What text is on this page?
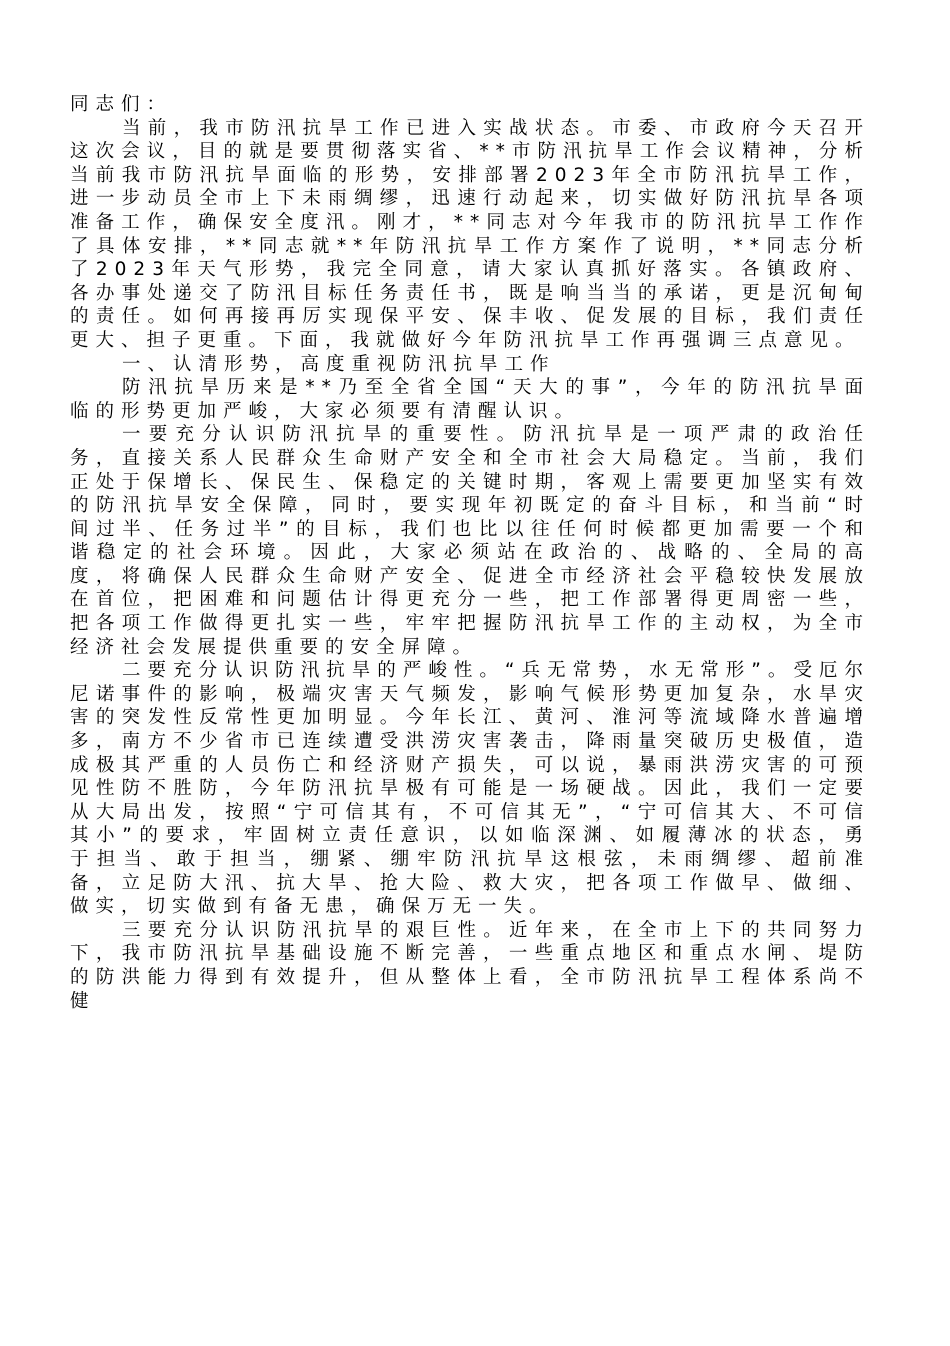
同志们：

当前，我市防汛抗旱工作已进入实战状态。市委、市政府今天召开这次会议，目的就是要贯彻落实省、**市防汛抗旱工作会议精神，分析当前我市防汛抗旱面临的形势，安排部署2023年全市防汛抗旱工作，进一步动员全市上下未雨绸缪，迅速行动起来，切实做好防汛抗旱各项准备工作，确保安全度汛。刚才，**同志对今年我市的防汛抗旱工作作了具体安排，**同志就**年防汛抗旱工作方案作了说明，**同志分析了2023年天气形势，我完全同意，请大家认真抓好落实。各镇政府、各办事处递交了防汛目标任务责任书，既是响当当的承诺，更是沉甸甸的责任。如何再接再厉实现保平安、保丰收、促发展的目标，我们责任更大、担子更重。下面，我就做好今年防汛抗旱工作再强调三点意见。

一、认清形势，高度重视防汛抗旱工作

防汛抗旱历来是**乃至全省全国“天大的事”，今年的防汛抗旱面临的形势更加严峻，大家必须要有清醒认识。

一要充分认识防汛抗旱的重要性。防汛抗旱是一项严肃的政治任务，直接关系人民群众生命财产安全和全市社会大局稳定。当前，我们正处于保增长、保民生、保稳定的关键时期，客观上需要更加坚实有效的防汛抗旱安全保障，同时，要实现年初既定的奋斗目标，和当前“时间过半、任务过半”的目标，我们也比以往任何时候都更加需要一个和谐稳定的社会环境。因此，大家必须站在政治的、战略的、全局的高度，将确保人民群众生命财产安全、促进全市经济社会平稳较快发展放在首位，把困难和问题估计得更充分一些，把工作部署得更周密一些，把各项工作做得更扎实一些，牢牢把握防汛抗旱工作的主动权，为全市经济社会发展提供重要的安全屏障。

二要充分认识防汛抗旱的严峻性。“兵无常势，水无常形”。受厄尔尼诺事件的影响，极端灾害天气频发，影响气候形势更加复杂，水旱灾害的突发性反常性更加明显。今年长江、黄河、淮河等流域降水普遍增多，南方不少省市已连续遭受洪涝灾害袭击，降雨量突破历史极值，造成极其严重的人员伤亡和经济财产损失，可以说，暴雨洪涝灾害的可预见性防不胜防，今年防汛抗旱极有可能是一场硬战。因此，我们一定要从大局出发，按照“宁可信其有，不可信其无”，“宁可信其大、不可信其小”的要求，牢固树立责任意识，以如临深渊、如履薄冰的状态，勇于担当、敢于担当，绷紧、绷牢防汛抗旱这根弦，未雨绸缪、超前准备，立足防大汛、抗大旱、抢大险、救大灾，把各项工作做早、做细、做实，切实做到有备无患，确保万无一失。

三要充分认识防汛抗旱的艰巨性。近年来，在全市上下的共同努力下，我市防汛抗旱基础设施不断完善，一些重点地区和重点水闸、堤防的防洪能力得到有效提升，但从整体上看，全市防汛抗旱工程体系尚不健
